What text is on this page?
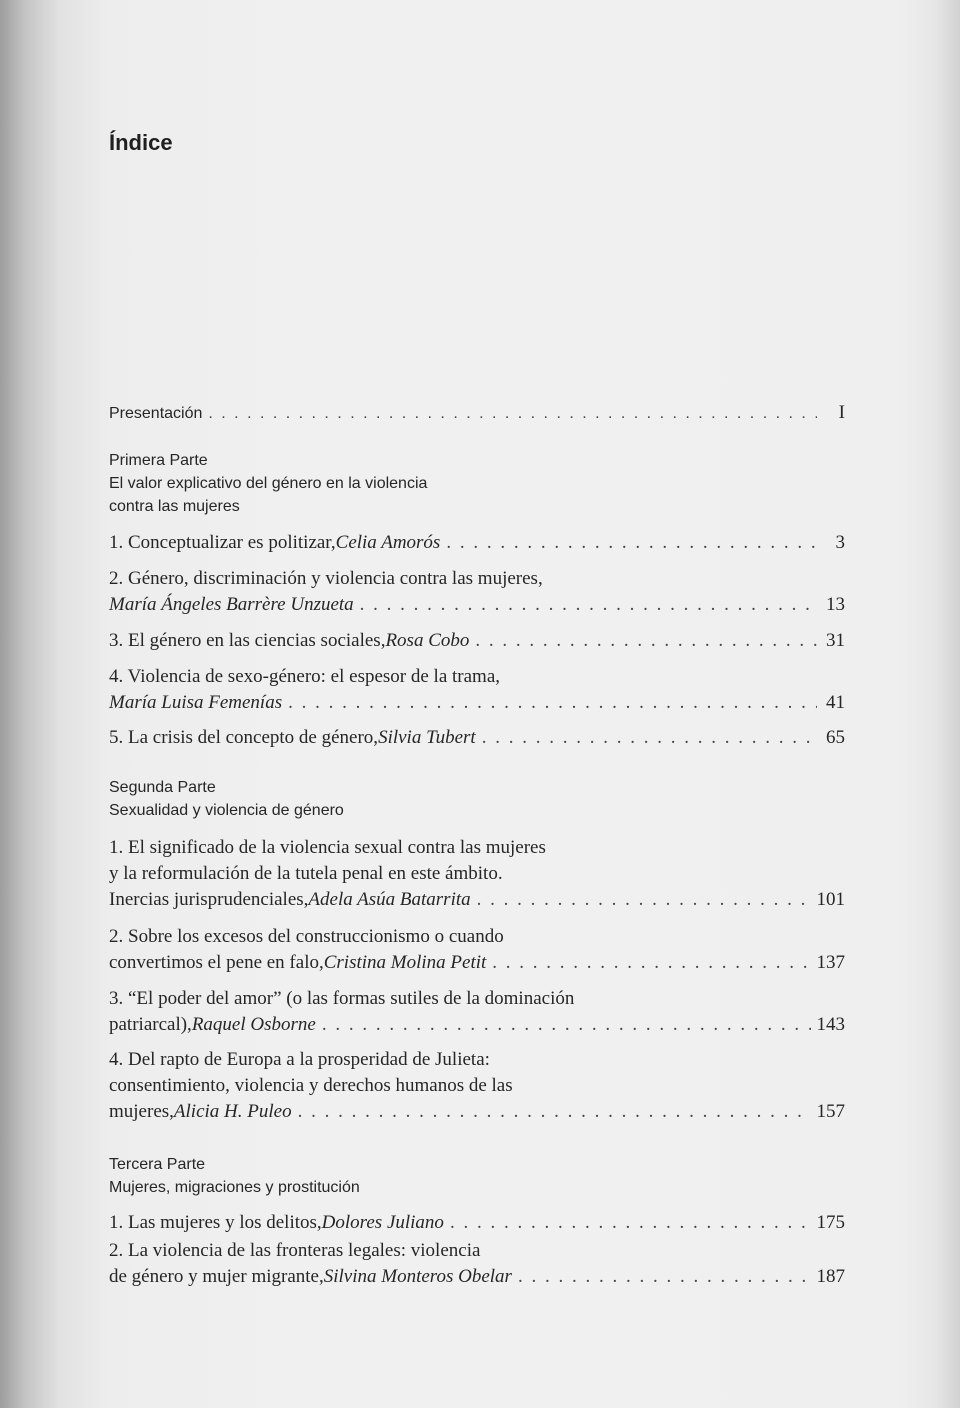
Índice
Presentación . . .	I
Primera Parte
El valor explicativo del género en la violencia
contra las mujeres
1. Conceptualizar es politizar, Celia Amorós . . .	3
2. Género, discriminación y violencia contra las mujeres,
María Ángeles Barrère Unzueta . . .	13
3. El género en las ciencias sociales, Rosa Cobo . . .	31
4. Violencia de sexo-género: el espesor de la trama,
María Luisa Femenías . . .	41
5. La crisis del concepto de género, Silvia Tubert . . .	65
Segunda Parte
Sexualidad y violencia de género
1. El significado de la violencia sexual contra las mujeres
y la reformulación de la tutela penal en este ámbito.
Inercias jurisprudenciales, Adela Asúa Batarrita . . .	101
2. Sobre los excesos del construccionismo o cuando
convertimos el pene en falo, Cristina Molina Petit . . .	137
3. “El poder del amor” (o las formas sutiles de la dominación
patriarcal), Raquel Osborne . . .	143
4. Del rapto de Europa a la prosperidad de Julieta:
consentimiento, violencia y derechos humanos de las
mujeres, Alicia H. Puleo . . .	157
Tercera Parte
Mujeres, migraciones y prostitución
1. Las mujeres y los delitos, Dolores Juliano . . .	175
2. La violencia de las fronteras legales: violencia
de género y mujer migrante, Silvina Monteros Obelar . . .	187
